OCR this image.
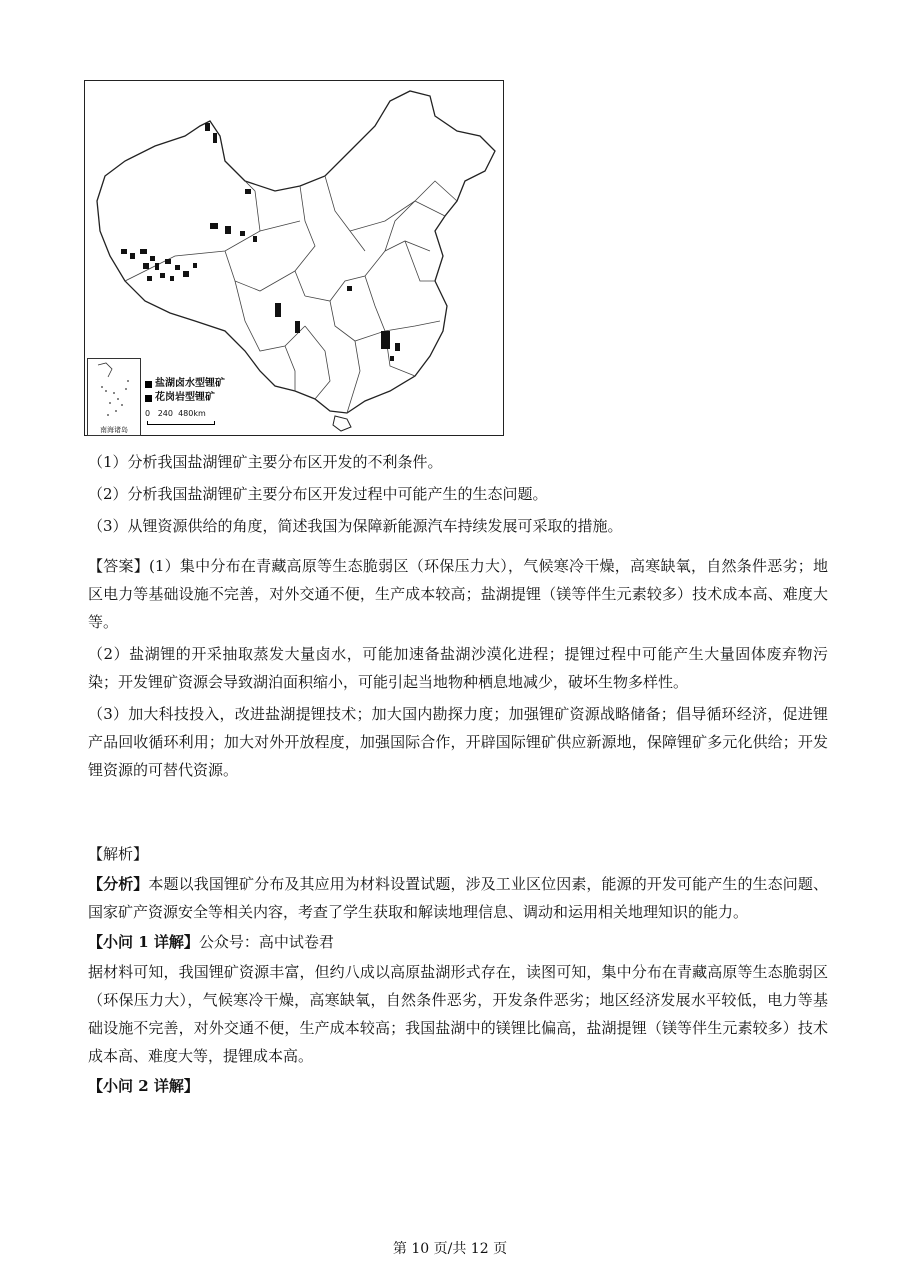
南海诸岛
盐湖卤水型锂矿
花岗岩型锂矿
0   240  480km

（1）分析我国盐湖锂矿主要分布区开发的不利条件。

（2）分析我国盐湖锂矿主要分布区开发过程中可能产生的生态问题。

（3）从锂资源供给的角度，简述我国为保障新能源汽车持续发展可采取的措施。

【答案】(1）集中分布在青藏高原等生态脆弱区（环保压力大），气候寒冷干燥，高寒缺氧，自然条件恶劣；地区电力等基础设施不完善，对外交通不便，生产成本较高；盐湖提锂（镁等伴生元素较多）技术成本高、难度大等。

（2）盐湖锂的开采抽取蒸发大量卤水，可能加速备盐湖沙漠化进程；提锂过程中可能产生大量固体废弃物污染；开发锂矿资源会导致湖泊面积缩小，可能引起当地物种栖息地减少，破坏生物多样性。

（3）加大科技投入，改进盐湖提锂技术；加大国内勘探力度；加强锂矿资源战略储备；倡导循环经济，促进锂产品回收循环利用；加大对外开放程度，加强国际合作，开辟国际锂矿供应新源地，保障锂矿多元化供给；开发锂资源的可替代资源。

【解析】

【分析】本题以我国锂矿分布及其应用为材料设置试题，涉及工业区位因素，能源的开发可能产生的生态问题、国家矿产资源安全等相关内容，考查了学生获取和解读地理信息、调动和运用相关地理知识的能力。

【小问 1 详解】公众号：高中试卷君

据材料可知，我国锂矿资源丰富，但约八成以高原盐湖形式存在，读图可知，集中分布在青藏高原等生态脆弱区（环保压力大），气候寒冷干燥，高寒缺氧，自然条件恶劣，开发条件恶劣；地区经济发展水平较低，电力等基础设施不完善，对外交通不便，生产成本较高；我国盐湖中的镁锂比偏高，盐湖提锂（镁等伴生元素较多）技术成本高、难度大等，提锂成本高。

【小问 2 详解】

第 10 页/共 12 页
